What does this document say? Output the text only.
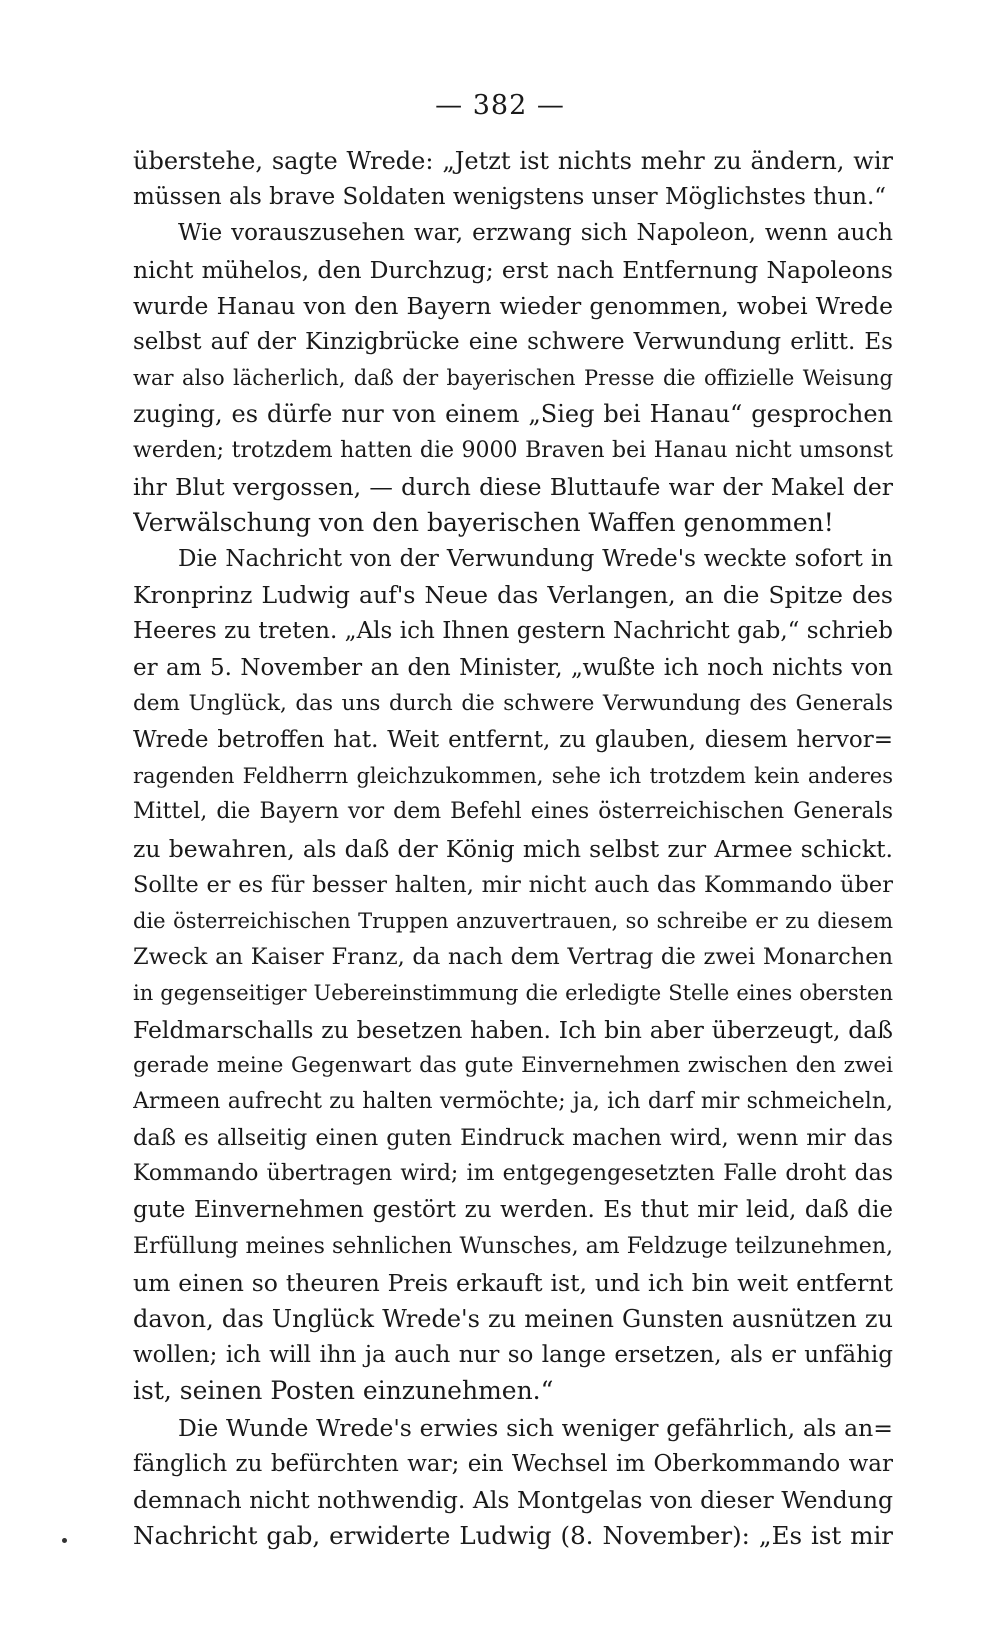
— 382 —
überstehe, sagte Wrede: „Jetzt ist nichts mehr zu ändern, wir
müssen als brave Soldaten wenigstens unser Möglichstes thun.“
Wie vorauszusehen war, erzwang sich Napoleon, wenn auch
nicht mühelos, den Durchzug; erst nach Entfernung Napoleons
wurde Hanau von den Bayern wieder genommen, wobei Wrede
selbst auf der Kinzigbrücke eine schwere Verwundung erlitt. Es
war also lächerlich, daß der bayerischen Presse die offizielle Weisung
zuging, es dürfe nur von einem „Sieg bei Hanau“ gesprochen
werden; trotzdem hatten die 9000 Braven bei Hanau nicht umsonst
ihr Blut vergossen, — durch diese Bluttaufe war der Makel der
Verwälschung von den bayerischen Waffen genommen!
Die Nachricht von der Verwundung Wrede's weckte sofort in
Kronprinz Ludwig auf's Neue das Verlangen, an die Spitze des
Heeres zu treten. „Als ich Ihnen gestern Nachricht gab,“ schrieb
er am 5. November an den Minister, „wußte ich noch nichts von
dem Unglück, das uns durch die schwere Verwundung des Generals
Wrede betroffen hat. Weit entfernt, zu glauben, diesem hervor=
ragenden Feldherrn gleichzukommen, sehe ich trotzdem kein anderes
Mittel, die Bayern vor dem Befehl eines österreichischen Generals
zu bewahren, als daß der König mich selbst zur Armee schickt.
Sollte er es für besser halten, mir nicht auch das Kommando über
die österreichischen Truppen anzuvertrauen, so schreibe er zu diesem
Zweck an Kaiser Franz, da nach dem Vertrag die zwei Monarchen
in gegenseitiger Uebereinstimmung die erledigte Stelle eines obersten
Feldmarschalls zu besetzen haben. Ich bin aber überzeugt, daß
gerade meine Gegenwart das gute Einvernehmen zwischen den zwei
Armeen aufrecht zu halten vermöchte; ja, ich darf mir schmeicheln,
daß es allseitig einen guten Eindruck machen wird, wenn mir das
Kommando übertragen wird; im entgegengesetzten Falle droht das
gute Einvernehmen gestört zu werden. Es thut mir leid, daß die
Erfüllung meines sehnlichen Wunsches, am Feldzuge teilzunehmen,
um einen so theuren Preis erkauft ist, und ich bin weit entfernt
davon, das Unglück Wrede's zu meinen Gunsten ausnützen zu
wollen; ich will ihn ja auch nur so lange ersetzen, als er unfähig
ist, seinen Posten einzunehmen.“
Die Wunde Wrede's erwies sich weniger gefährlich, als an=
fänglich zu befürchten war; ein Wechsel im Oberkommando war
demnach nicht nothwendig. Als Montgelas von dieser Wendung
Nachricht gab, erwiderte Ludwig (8. November): „Es ist mir
